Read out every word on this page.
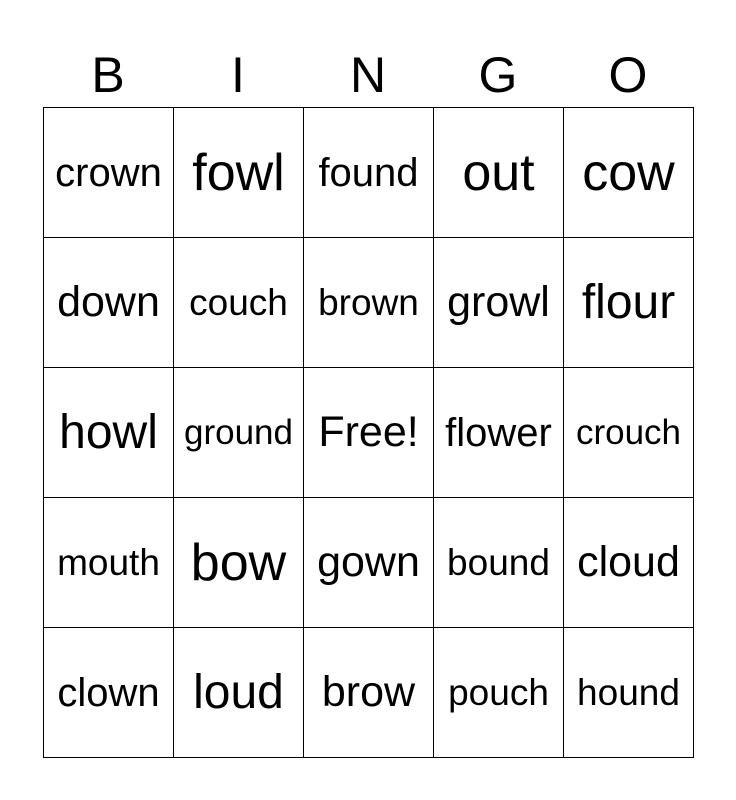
B	I	N	G	O
crown fowl found out cow
down couch brown growl flour
howl ground Free! flower crouch
mouth bow gown bound cloud
clown loud brow pouch hound
